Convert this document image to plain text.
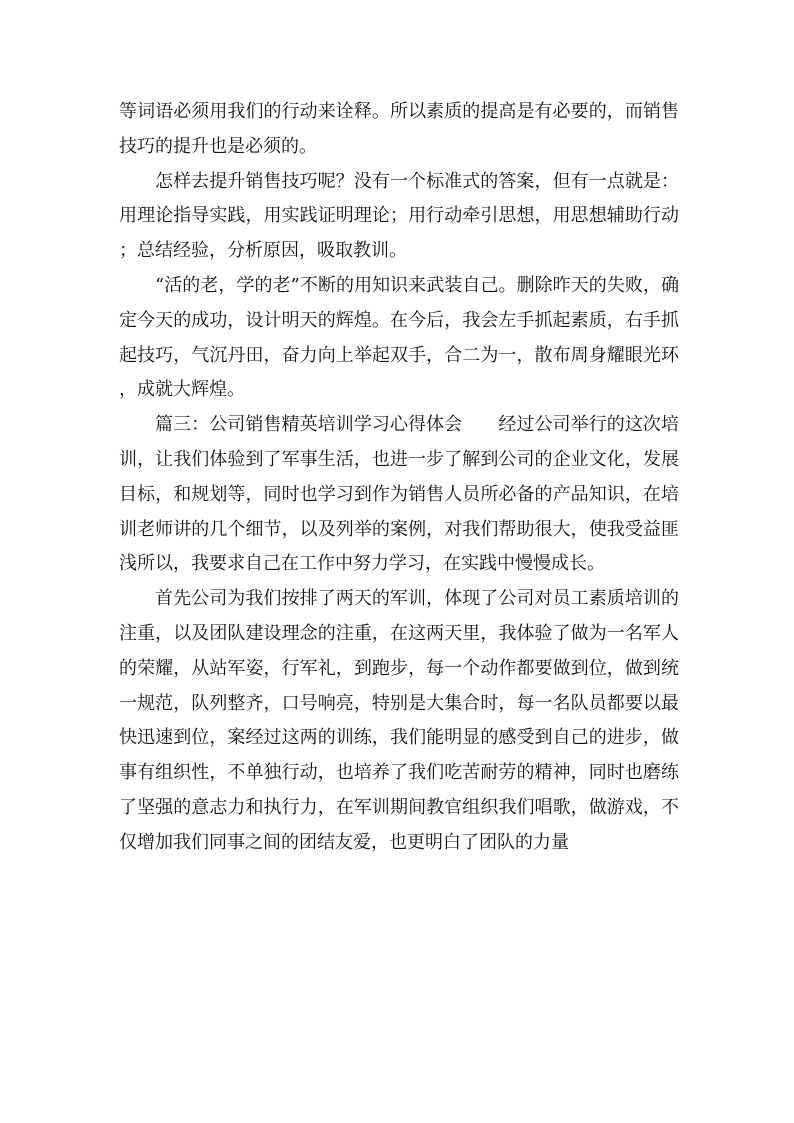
等词语必须用我们的行动来诠释。所以素质的提高是有必要的，而销售技巧的提升也是必须的。

怎样去提升销售技巧呢？没有一个标准式的答案，但有一点就是：用理论指导实践，用实践证明理论；用行动牵引思想，用思想辅助行动；总结经验，分析原因，吸取教训。

“活的老，学的老”不断的用知识来武装自己。删除昨天的失败，确定今天的成功，设计明天的辉煌。在今后，我会左手抓起素质，右手抓起技巧，气沉丹田，奋力向上举起双手，合二为一，散布周身耀眼光环，成就大辉煌。

篇三：公司销售精英培训学习心得体会 经过公司举行的这次培训，让我们体验到了军事生活，也进一步了解到公司的企业文化，发展目标，和规划等，同时也学习到作为销售人员所必备的产品知识，在培训老师讲的几个细节，以及列举的案例，对我们帮助很大，使我受益匪浅所以，我要求自己在工作中努力学习，在实践中慢慢成长。

首先公司为我们按排了两天的军训，体现了公司对员工素质培训的注重，以及团队建设理念的注重，在这两天里，我体验了做为一名军人的荣耀，从站军姿，行军礼，到跑步，每一个动作都要做到位，做到统一规范，队列整齐，口号响亮，特别是大集合时，每一名队员都要以最快迅速到位，案经过这两的训练，我们能明显的感受到自己的进步，做事有组织性，不单独行动，也培养了我们吃苦耐劳的精神，同时也磨练了坚强的意志力和执行力，在军训期间教官组织我们唱歌，做游戏，不仅增加我们同事之间的团结友爱，也更明白了团队的力量
